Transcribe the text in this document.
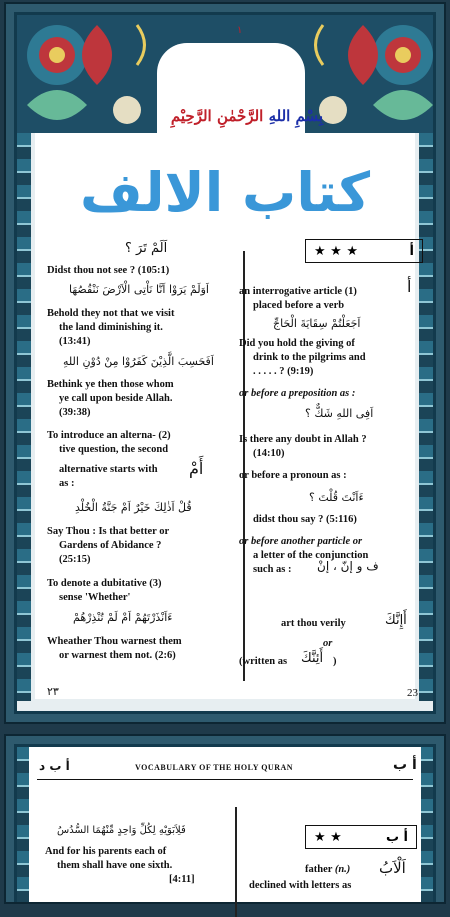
١
بِسْمِ اللهِ الرَّحْمٰنِ الرَّحِيْمِ
كتاب الالف
اَلَمْ تَرَ ؟
Didst thou not see ? (105:1)
اَوَلَمْ يَرَوْا اَنَّا نَاْتِى الْاَرْضَ نَنْقُصُهَا
Behold they not that we visit
the land diminishing it.
(13:41)
اَفَحَسِبَ الَّذِيْنَ كَفَرُوْا مِنْ دُوْنِ اللهِ
Bethink ye then those whom
ye call upon beside Allah.
(39:38)
To introduce an alterna- (2)
tive question, the second
alternative starts with
as :
أَمْ
قُلْ اَذٰلِكَ خَيْرٌ اَمْ جَنَّةُ الْخُلْدِ
Say Thou : Is that better or
Gardens of Abidance ?
(25:15)
To denote a dubitative (3)
sense 'Whether'
ءَاَنْذَرْتَهُمْ اَمْ لَمْ تُنْذِرْهُمْ
Wheather Thou warnest them
or warnest them not. (2:6)
٢٣
★ ★ ★	أ
أ
an interrogative article (1)
placed before a verb
اَجَعَلْتُمْ سِقَايَةَ الْحَاجِّ
Did you hold the giving of
drink to the pilgrims and
. . . . . ? (9:19)
or before a preposition as :
اَفِى اللهِ شَكٌّ ؟
Is there any doubt in Allah ?
(14:10)
or before a pronoun as :
ءَاَنْتَ قُلْتَ ؟
didst thou say ? (5:116)
or before another particle or
a letter of the conjunction
such as : ف و إنّ ، إنْ
art thou verily	أَإِنَّكَ
or
(written as أَئِنَّكَ )
23
أ ب د	VOCABULARY OF THE HOLY QURAN	أ ب
فَلِاَبَوَيْهِ لِكُلِّ وَاحِدٍ مِّنْهُمَا السُّدُسُ
And for his parents each of
them shall have one sixth.
[4:11]
★ ★	أ ب
اَلْاَبُ
father (n.)
declined with letters as
